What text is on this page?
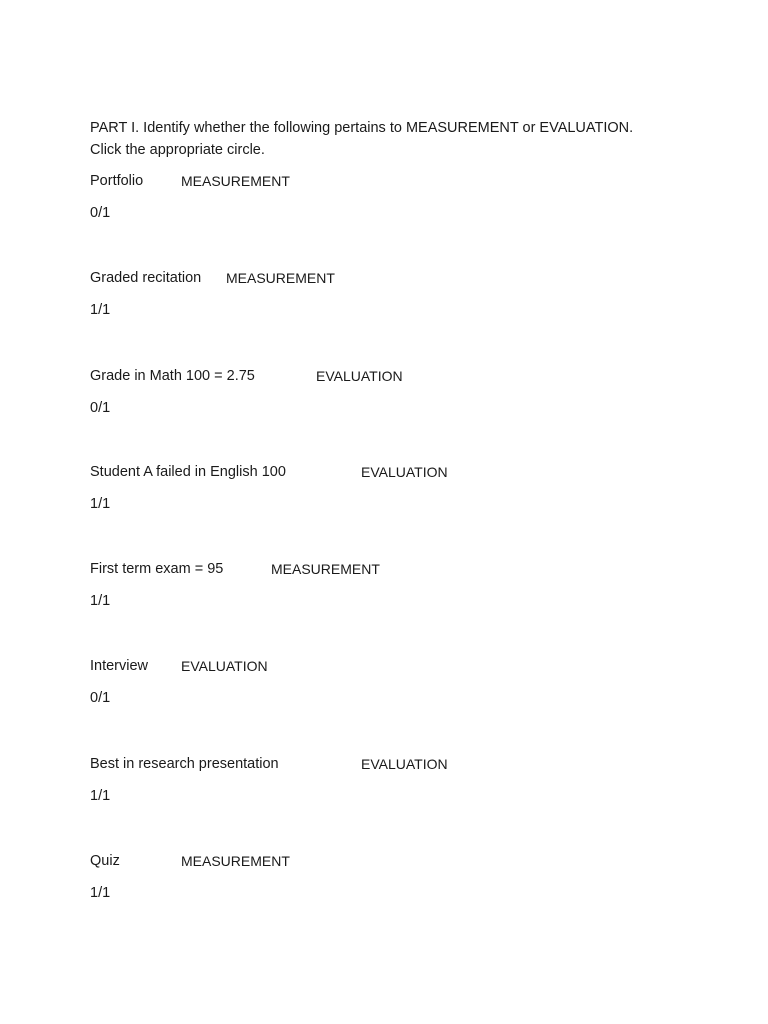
PART I. Identify whether the following pertains to MEASUREMENT or EVALUATION.

Click the appropriate circle.

Portfolio	MEASUREMENT
0/1
Graded recitation MEASUREMENT
1/1
Grade in Math 100 = 2.75	EVALUATION
0/1
Student A failed in English 100	EVALUATION
1/1
First term exam = 95	MEASUREMENT
1/1
Interview EVALUATION
0/1
Best in research presentation	EVALUATION
1/1
Quiz	MEASUREMENT
1/1
